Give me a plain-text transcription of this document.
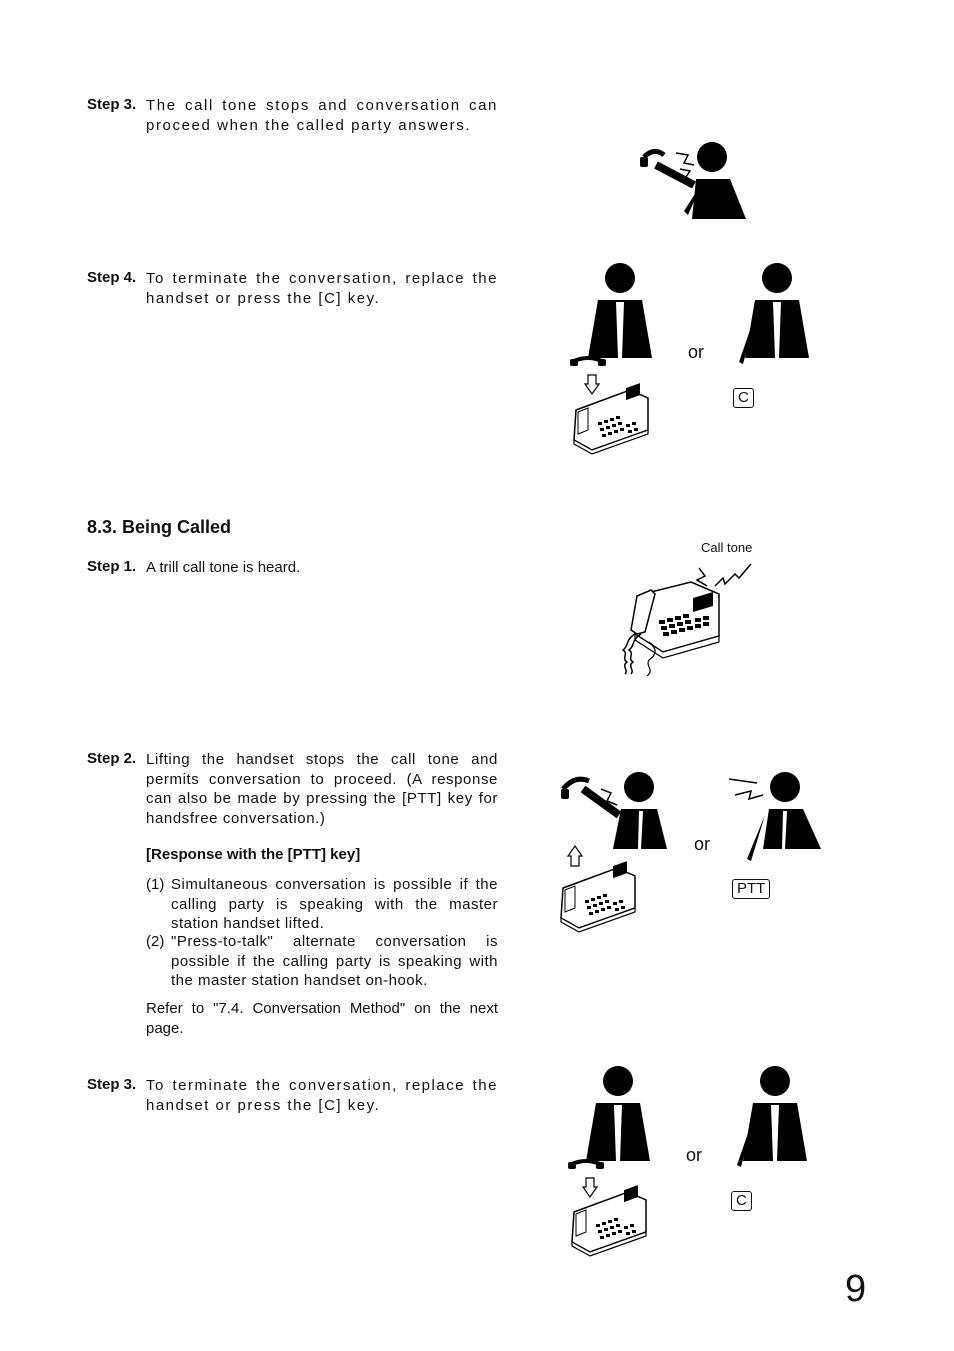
Step 3. The call tone stops and conversation can proceed when the called party answers.
Step 4. To terminate the conversation, replace the handset or press the [C] key.
or
C
8.3. Being Called
Step 1. A trill call tone is heard.
Call tone
Step 2. Lifting the handset stops the call tone and permits conversation to proceed. (A response can also be made by pressing the [PTT] key for handsfree conversation.)
[Response with the [PTT] key]
(1) Simultaneous conversation is possible if the calling party is speaking with the master station handset lifted.
(2) "Press-to-talk" alternate conversation is possible if the calling party is speaking with the master station handset on-hook.
Refer to "7.4. Conversation Method" on the next page.
or
PTT
Step 3. To terminate the conversation, replace the handset or press the [C] key.
or
C
9
